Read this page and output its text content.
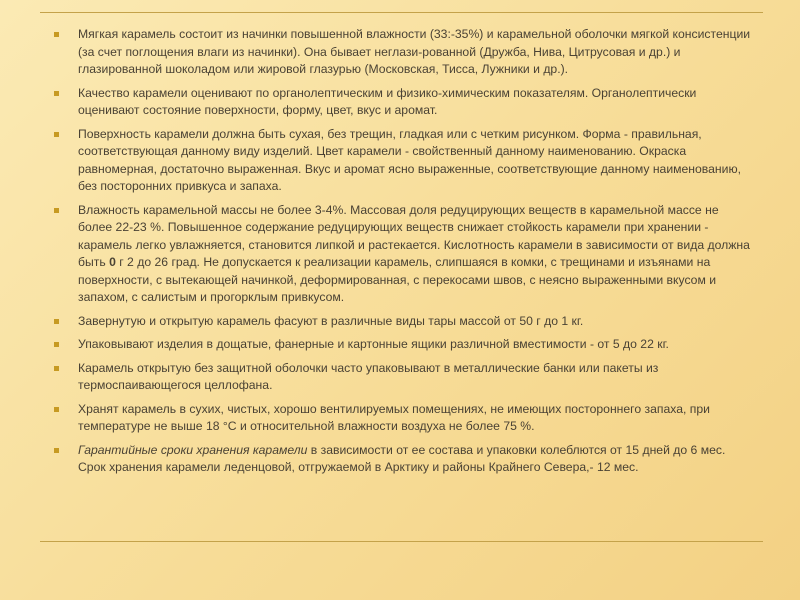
Мягкая карамель состоит из начинки повышенной влажности (33:-35%) и карамельной оболочки мягкой консистенции (за счет поглощения влаги из начинки). Она бывает неглази-рованной (Дружба, Нива, Цитрусовая и др.) и глазированной шоколадом или жировой глазурью (Московская, Тисса, Лужники и др.).

Качество карамели оценивают по органолептическим и физико-химическим показателям. Органолептически оценивают состояние поверхности, форму, цвет, вкус и аромат.

Поверхность карамели должна быть сухая, без трещин, гладкая или с четким рисунком. Форма - правильная, соответствующая данному виду изделий. Цвет карамели - свойственный данному наименованию. Окраска равномерная, достаточно выраженная. Вкус и аромат ясно выраженные, соответствующие данному наименованию, без посторонних привкуса и запаха.

Влажность карамельной массы не более 3-4%. Массовая доля редуцирующих веществ в карамельной массе не более 22-23 %. Повышенное содержание редуцирующих веществ снижает стойкость карамели при хранении - карамель легко увлажняется, становится липкой и растекается. Кислотность карамели в зависимости от вида должна быть 0 г 2 до 26 град. Не допускается к реализации карамель, слипшаяся в комки, с трещинами и изъянами на поверхности, с вытекающей начинкой, деформированная, с перекосами швов, с неясно выраженными вкусом и запахом, с салистым и прогорклым привкусом.

Завернутую и открытую карамель фасуют в различные виды тары массой от 50 г до 1 кг.

Упаковывают изделия в дощатые, фанерные и картонные ящики различной вместимости - от 5 до 22 кг.

Карамель открытую без защитной оболочки часто упаковывают в металлические банки или пакеты из термоспаивающегося целлофана.

Хранят карамель в сухих, чистых, хорошо вентилируемых помещениях, не имеющих постороннего запаха, при температуре не выше 18 °С и относительной влажности воздуха не более 75 %.

Гарантийные сроки хранения карамели в зависимости от ее состава и упаковки колеблются от 15 дней до 6 мес. Срок хранения карамели леденцовой, отгружаемой в Арктику и районы Крайнего Севера,- 12 мес.
